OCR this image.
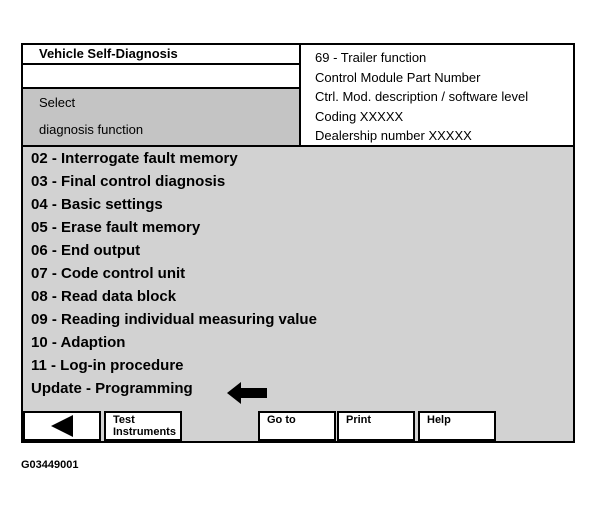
Vehicle Self-Diagnosis
Select
diagnosis function
69 - Trailer function
Control Module Part Number
Ctrl. Mod. description / software level
Coding XXXXX
Dealership number XXXXX
02 - Interrogate fault memory
03 - Final control diagnosis
04 - Basic settings
05 - Erase fault memory
06 - End output
07 - Code control unit
08 - Read data block
09 - Reading individual measuring value
10 - Adaption
11 - Log-in procedure
Update - Programming
Test
Instruments
Go to	Print	Help
G03449001
